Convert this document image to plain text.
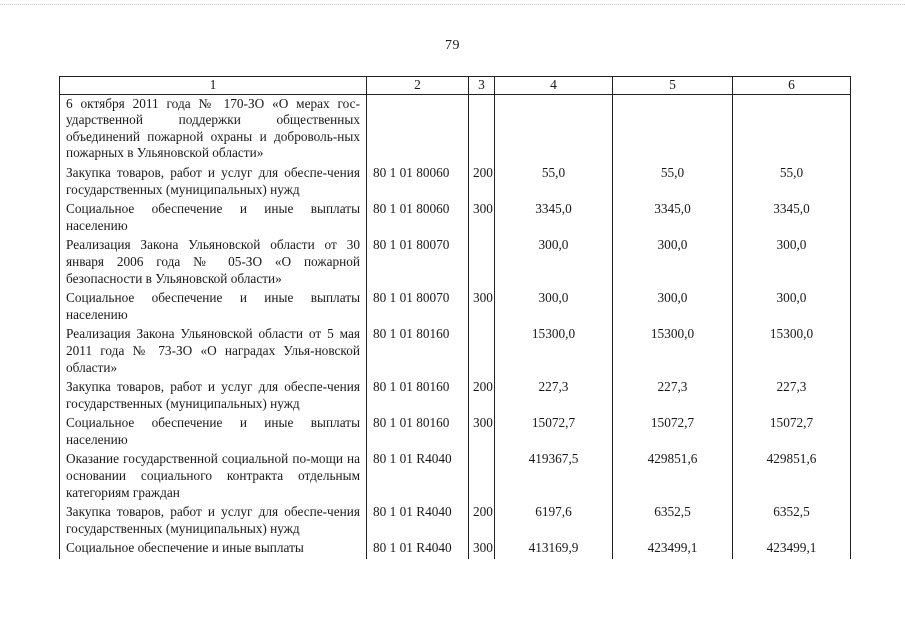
79
1	2	3	4	5	6
6 октября 2011 года № 170-ЗО «О мерах гос-ударственной поддержки общественных объединений пожарной охраны и доброволь-ных пожарных в Ульяновской области»					
Закупка товаров, работ и услуг для обеспе-чения государственных (муниципальных) нужд	80 1 01 80060	200	55,0	55,0	55,0
Социальное обеспечение и иные выплаты населению	80 1 01 80060	300	3345,0	3345,0	3345,0
Реализация Закона Ульяновской области от 30 января 2006 года № 05-ЗО «О пожарной безопасности в Ульяновской области»	80 1 01 80070		300,0	300,0	300,0
Социальное обеспечение и иные выплаты населению	80 1 01 80070	300	300,0	300,0	300,0
Реализация Закона Ульяновской области от 5 мая 2011 года № 73-ЗО «О наградах Улья-новской области»	80 1 01 80160		15300,0	15300,0	15300,0
Закупка товаров, работ и услуг для обеспе-чения государственных (муниципальных) нужд	80 1 01 80160	200	227,3	227,3	227,3
Социальное обеспечение и иные выплаты населению	80 1 01 80160	300	15072,7	15072,7	15072,7
Оказание государственной социальной по-мощи на основании социального контракта отдельным категориям граждан	80 1 01 R4040		419367,5	429851,6	429851,6
Закупка товаров, работ и услуг для обеспе-чения государственных (муниципальных) нужд	80 1 01 R4040	200	6197,6	6352,5	6352,5
Социальное обеспечение и иные выплаты	80 1 01 R4040	300	413169,9	423499,1	423499,1
